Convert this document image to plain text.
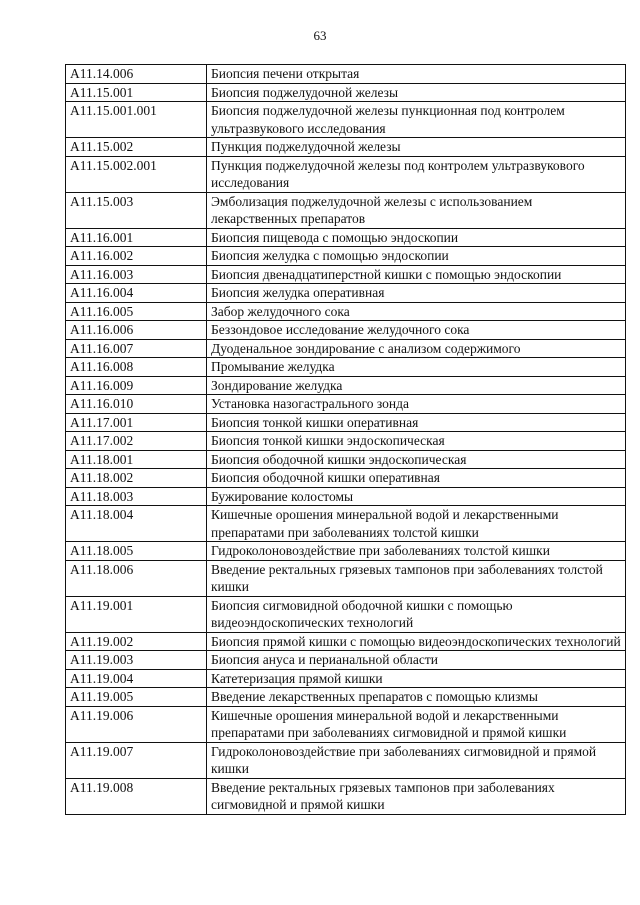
63
A11.14.006	Биопсия печени открытая
A11.15.001	Биопсия поджелудочной железы
A11.15.001.001	Биопсия поджелудочной железы пункционная под контролем ультразвукового исследования
A11.15.002	Пункция поджелудочной железы
A11.15.002.001	Пункция поджелудочной железы под контролем ультразвукового исследования
A11.15.003	Эмболизация поджелудочной железы с использованием лекарственных препаратов
A11.16.001	Биопсия пищевода с помощью эндоскопии
A11.16.002	Биопсия желудка с помощью эндоскопии
A11.16.003	Биопсия двенадцатиперстной кишки с помощью эндоскопии
A11.16.004	Биопсия желудка оперативная
A11.16.005	Забор желудочного сока
A11.16.006	Беззондовое исследование желудочного сока
A11.16.007	Дуоденальное зондирование с анализом содержимого
A11.16.008	Промывание желудка
A11.16.009	Зондирование желудка
A11.16.010	Установка назогастрального зонда
A11.17.001	Биопсия тонкой кишки оперативная
A11.17.002	Биопсия тонкой кишки эндоскопическая
A11.18.001	Биопсия ободочной кишки эндоскопическая
A11.18.002	Биопсия ободочной кишки оперативная
A11.18.003	Бужирование колостомы
A11.18.004	Кишечные орошения минеральной водой и лекарственными препаратами при заболеваниях толстой кишки
A11.18.005	Гидроколоновоздействие при заболеваниях толстой кишки
A11.18.006	Введение ректальных грязевых тампонов при заболеваниях толстой кишки
A11.19.001	Биопсия сигмовидной ободочной кишки с помощью видеоэндоскопических технологий
A11.19.002	Биопсия прямой кишки с помощью видеоэндоскопических технологий
A11.19.003	Биопсия ануса и перианальной области
A11.19.004	Катетеризация прямой кишки
A11.19.005	Введение лекарственных препаратов с помощью клизмы
A11.19.006	Кишечные орошения минеральной водой и лекарственными препаратами при заболеваниях сигмовидной и прямой кишки
A11.19.007	Гидроколоновоздействие при заболеваниях сигмовидной и прямой кишки
A11.19.008	Введение ректальных грязевых тампонов при заболеваниях сигмовидной и прямой кишки
